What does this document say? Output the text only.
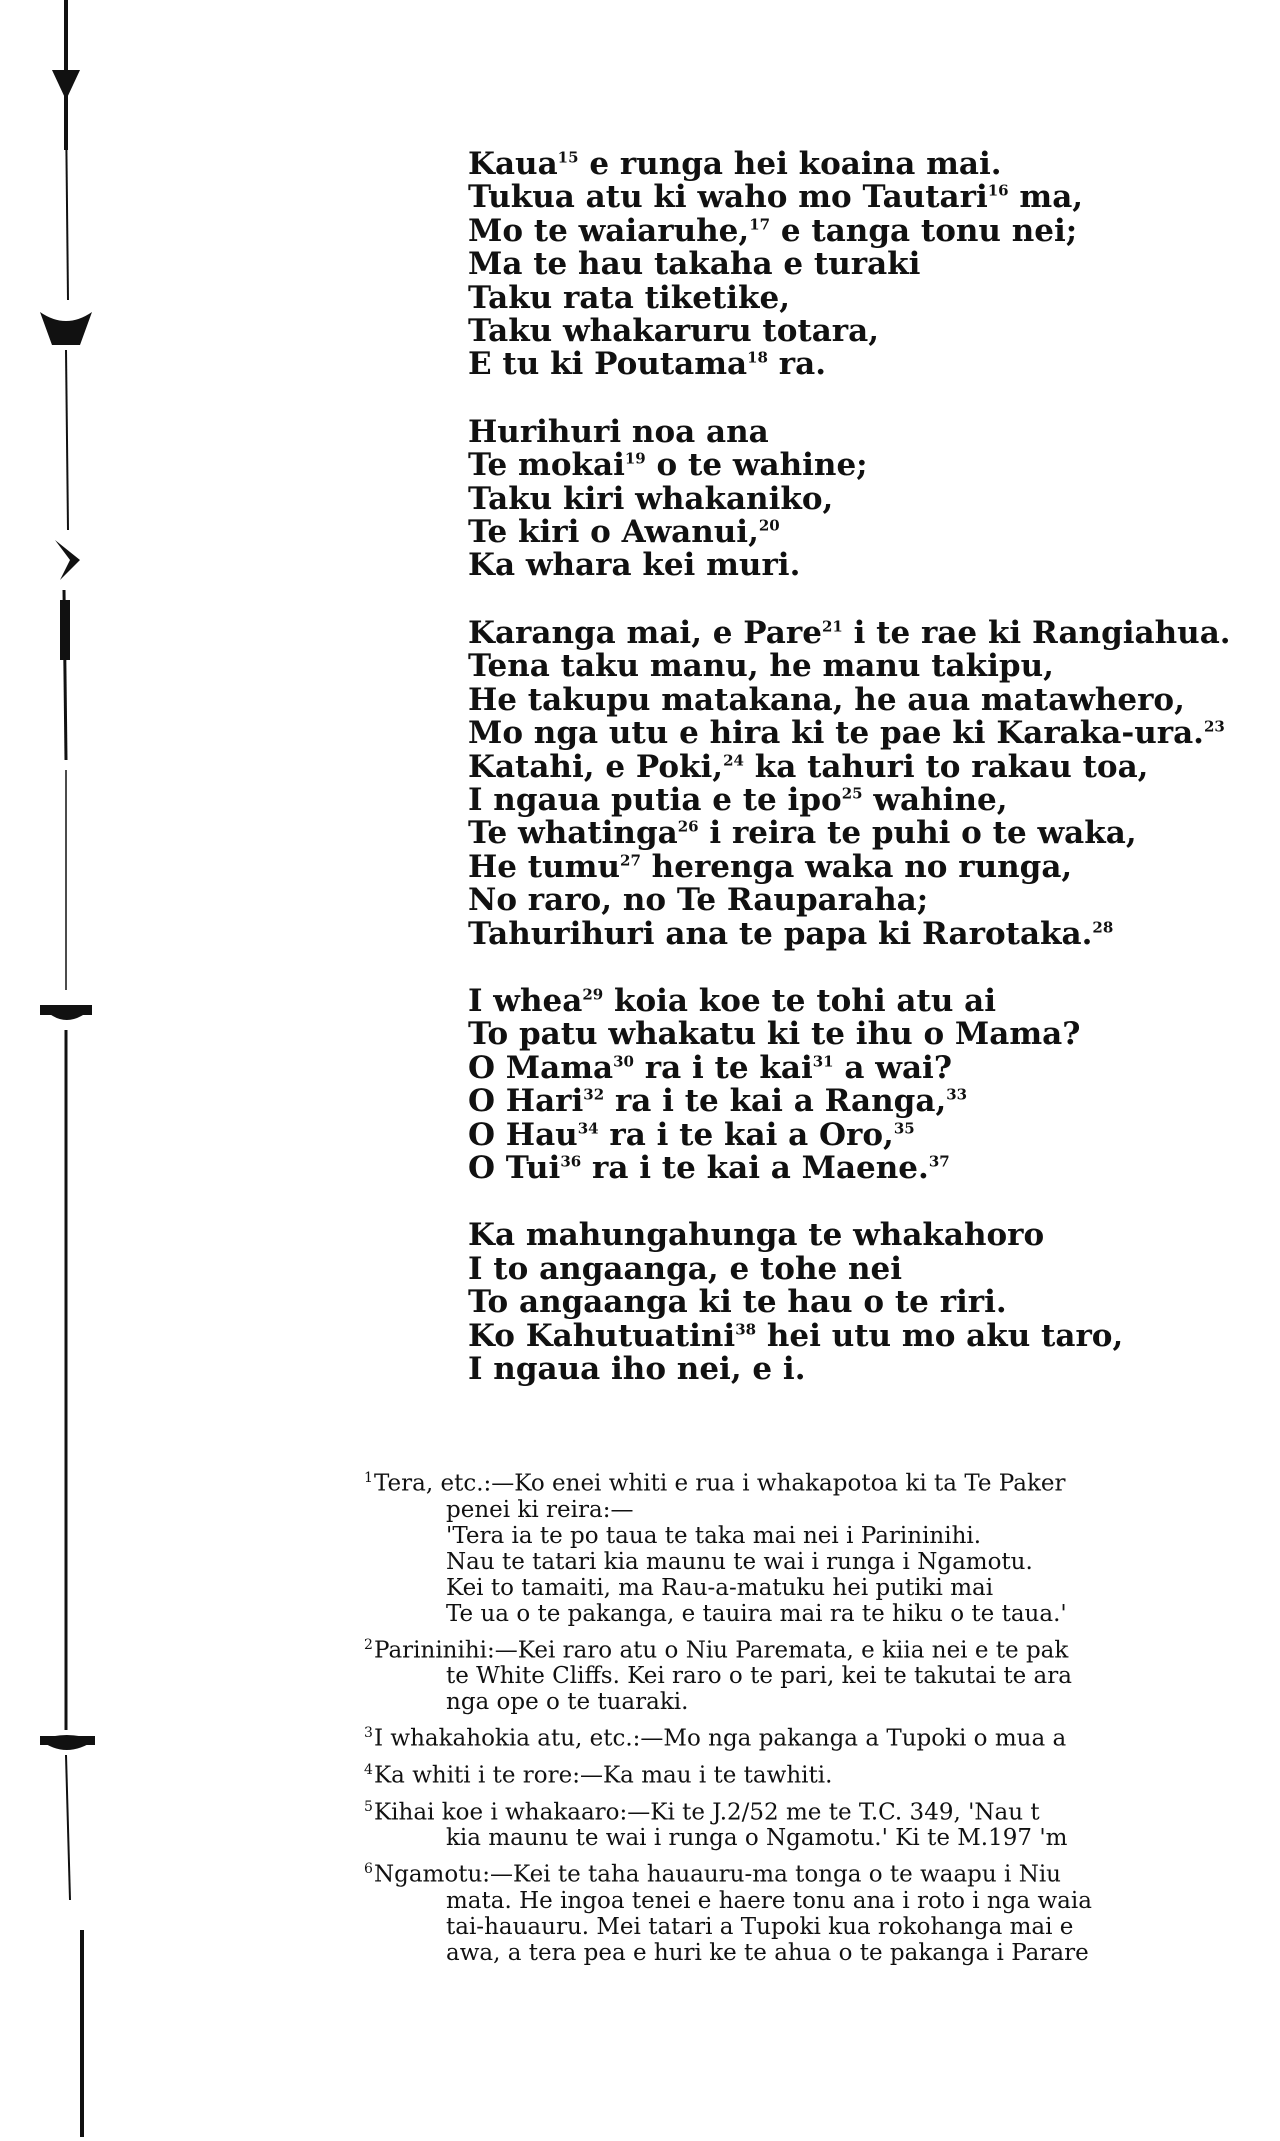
Kaua$^{15}$ e runga hei koaina mai.
Tukua atu ki waho mo Tautari$^{16}$ ma,
Mo te waiaruhe,$^{17}$ e tanga tonu nei;
Ma te hau takaha e turaki
Taku rata tiketike,
Taku whakaruru totara,
E tu ki Poutama$^{18}$ ra.
Hurihuri noa ana
Te mokai$^{19}$ o te wahine;
Taku kiri whakaniko,
Te kiri o Awanui,$^{20}$
Ka whara kei muri.
Karanga mai, e Pare$^{21}$ i te rae ki Rangiahua.
Tena taku manu, he manu takipu,
He takupu matakana, he aua matawhero,
Mo nga utu e hira ki te pae ki Karaka-ura.$^{23}$
Katahi, e Poki,$^{24}$ ka tahuri to rakau toa,
I ngaua putia e te ipo$^{25}$ wahine,
Te whatinga$^{26}$ i reira te puhi o te waka,
He tumu$^{27}$ herenga waka no runga,
No raro, no Te Rauparaha;
Tahurihuri ana te papa ki Rarotaka.$^{28}$
I whea$^{29}$ koia koe te tohi atu ai
To patu whakatu ki te ihu o Mama?
O Mama$^{30}$ ra i te kai$^{31}$ a wai?
O Hari$^{32}$ ra i te kai a Ranga,$^{33}$
O Hau$^{34}$ ra i te kai a Oro,$^{35}$
O Tui$^{36}$ ra i te kai a Maene.$^{37}$
Ka mahungahunga te whakahoro
I to angaanga, e tohe nei
To angaanga ki te hau o te riri.
Ko Kahutuatini$^{38}$ hei utu mo aku taro,
I ngaua iho nei, e i.
1Tera, etc.:—Ko enei whiti e rua i whakapotoa ki ta Te Paker
penei ki reira:—
'Tera ia te po taua te taka mai nei i Parininihi.
Nau te tatari kia maunu te wai i runga i Ngamotu.
Kei to tamaiti, ma Rau-a-matuku hei putiki mai
Te ua o te pakanga, e tauira mai ra te hiku o te taua.'
2Parininihi:—Kei raro atu o Niu Paremata, e kiia nei e te pak
te White Cliffs. Kei raro o te pari, kei te takutai te ara
nga ope o te tuaraki.
3I whakahokia atu, etc.:—Mo nga pakanga a Tupoki o mua a
4Ka whiti i te rore:—Ka mau i te tawhiti.
5Kihai koe i whakaaro:—Ki te J.2/52 me te T.C. 349, 'Nau t
kia maunu te wai i runga o Ngamotu.' Ki te M.197 'm
6Ngamotu:—Kei te taha hauauru-ma tonga o te waapu i Niu
mata. He ingoa tenei e haere tonu ana i roto i nga waia
tai-hauauru. Mei tatari a Tupoki kua rokohanga mai e
awa, a tera pea e huri ke te ahua o te pakanga i Parare
